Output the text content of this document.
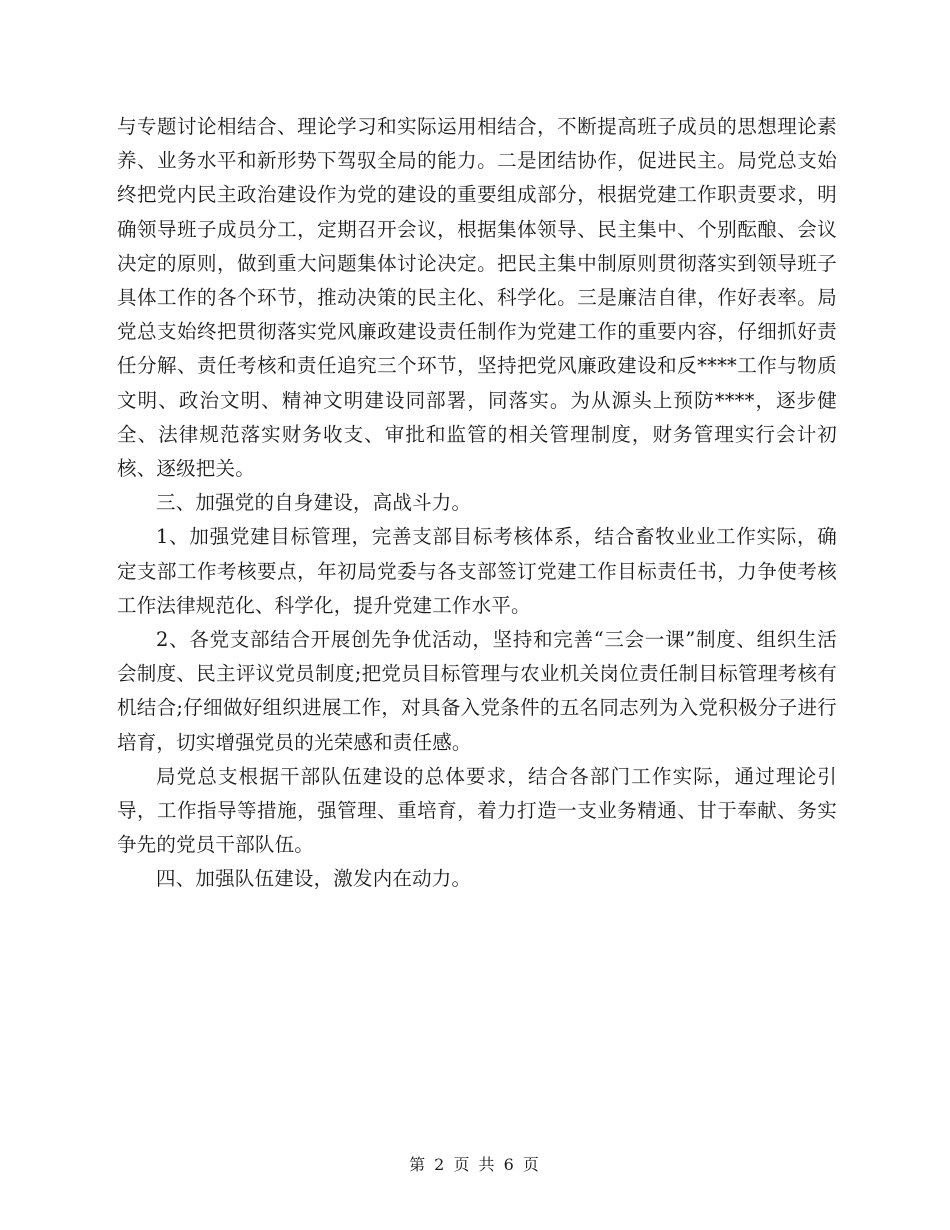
与专题讨论相结合、理论学习和实际运用相结合，不断提高班子成员的思想理论素养、业务水平和新形势下驾驭全局的能力。二是团结协作，促进民主。局党总支始终把党内民主政治建设作为党的建设的重要组成部分，根据党建工作职责要求，明确领导班子成员分工，定期召开会议，根据集体领导、民主集中、个别酝酿、会议决定的原则，做到重大问题集体讨论决定。把民主集中制原则贯彻落实到领导班子具体工作的各个环节，推动决策的民主化、科学化。三是廉洁自律，作好表率。局党总支始终把贯彻落实党风廉政建设责任制作为党建工作的重要内容，仔细抓好责任分解、责任考核和责任追究三个环节，坚持把党风廉政建设和反****工作与物质文明、政治文明、精神文明建设同部署，同落实。为从源头上预防****，逐步健全、法律规范落实财务收支、审批和监管的相关管理制度，财务管理实行会计初核、逐级把关。

三、加强党的自身建设，高战斗力。

1、加强党建目标管理，完善支部目标考核体系，结合畜牧业业工作实际，确定支部工作考核要点，年初局党委与各支部签订党建工作目标责任书，力争使考核工作法律规范化、科学化，提升党建工作水平。

2、各党支部结合开展创先争优活动，坚持和完善“三会一课”制度、组织生活会制度、民主评议党员制度;把党员目标管理与农业机关岗位责任制目标管理考核有机结合;仔细做好组织进展工作，对具备入党条件的五名同志列为入党积极分子进行培育，切实增强党员的光荣感和责任感。

局党总支根据干部队伍建设的总体要求，结合各部门工作实际，通过理论引导，工作指导等措施，强管理、重培育，着力打造一支业务精通、甘于奉献、务实争先的党员干部队伍。

四、加强队伍建设，激发内在动力。

第 2 页 共 6 页
